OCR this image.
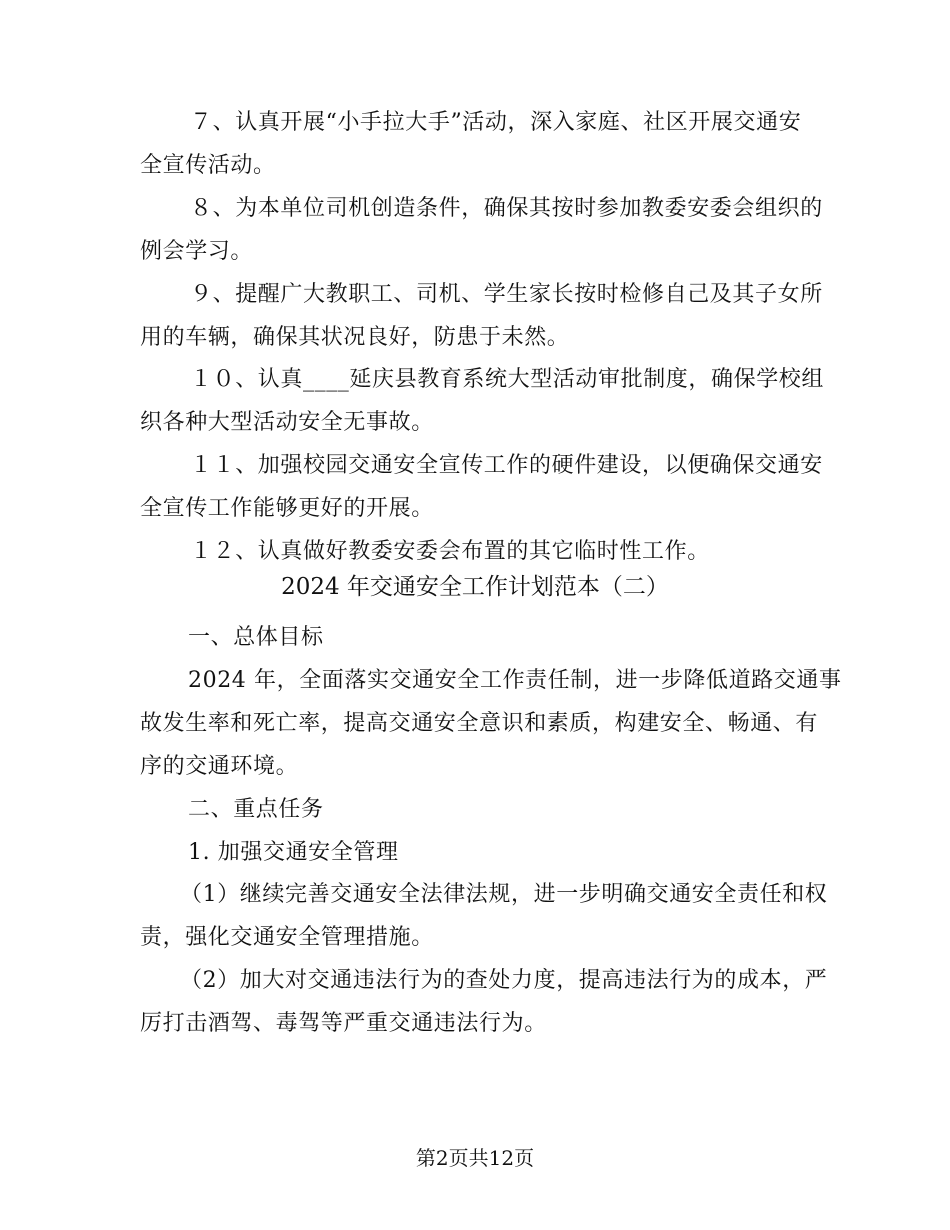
７、认真开展“小手拉大手”活动，深入家庭、社区开展交通安
全宣传活动。
８、为本单位司机创造条件，确保其按时参加教委安委会组织的
例会学习。
９、提醒广大教职工、司机、学生家长按时检修自己及其子女所
用的车辆，确保其状况良好，防患于未然。
１０、认真____延庆县教育系统大型活动审批制度，确保学校组
织各种大型活动安全无事故。
１１、加强校园交通安全宣传工作的硬件建设，以便确保交通安
全宣传工作能够更好的开展。
１２、认真做好教委安委会布置的其它临时性工作。
2024 年交通安全工作计划范本（二）
一、总体目标
2024 年，全面落实交通安全工作责任制，进一步降低道路交通事
故发生率和死亡率，提高交通安全意识和素质，构建安全、畅通、有
序的交通环境。
二、重点任务
1. 加强交通安全管理
（1）继续完善交通安全法律法规，进一步明确交通安全责任和权
责，强化交通安全管理措施。
（2）加大对交通违法行为的查处力度，提高违法行为的成本，严
厉打击酒驾、毒驾等严重交通违法行为。
第2页共12页
